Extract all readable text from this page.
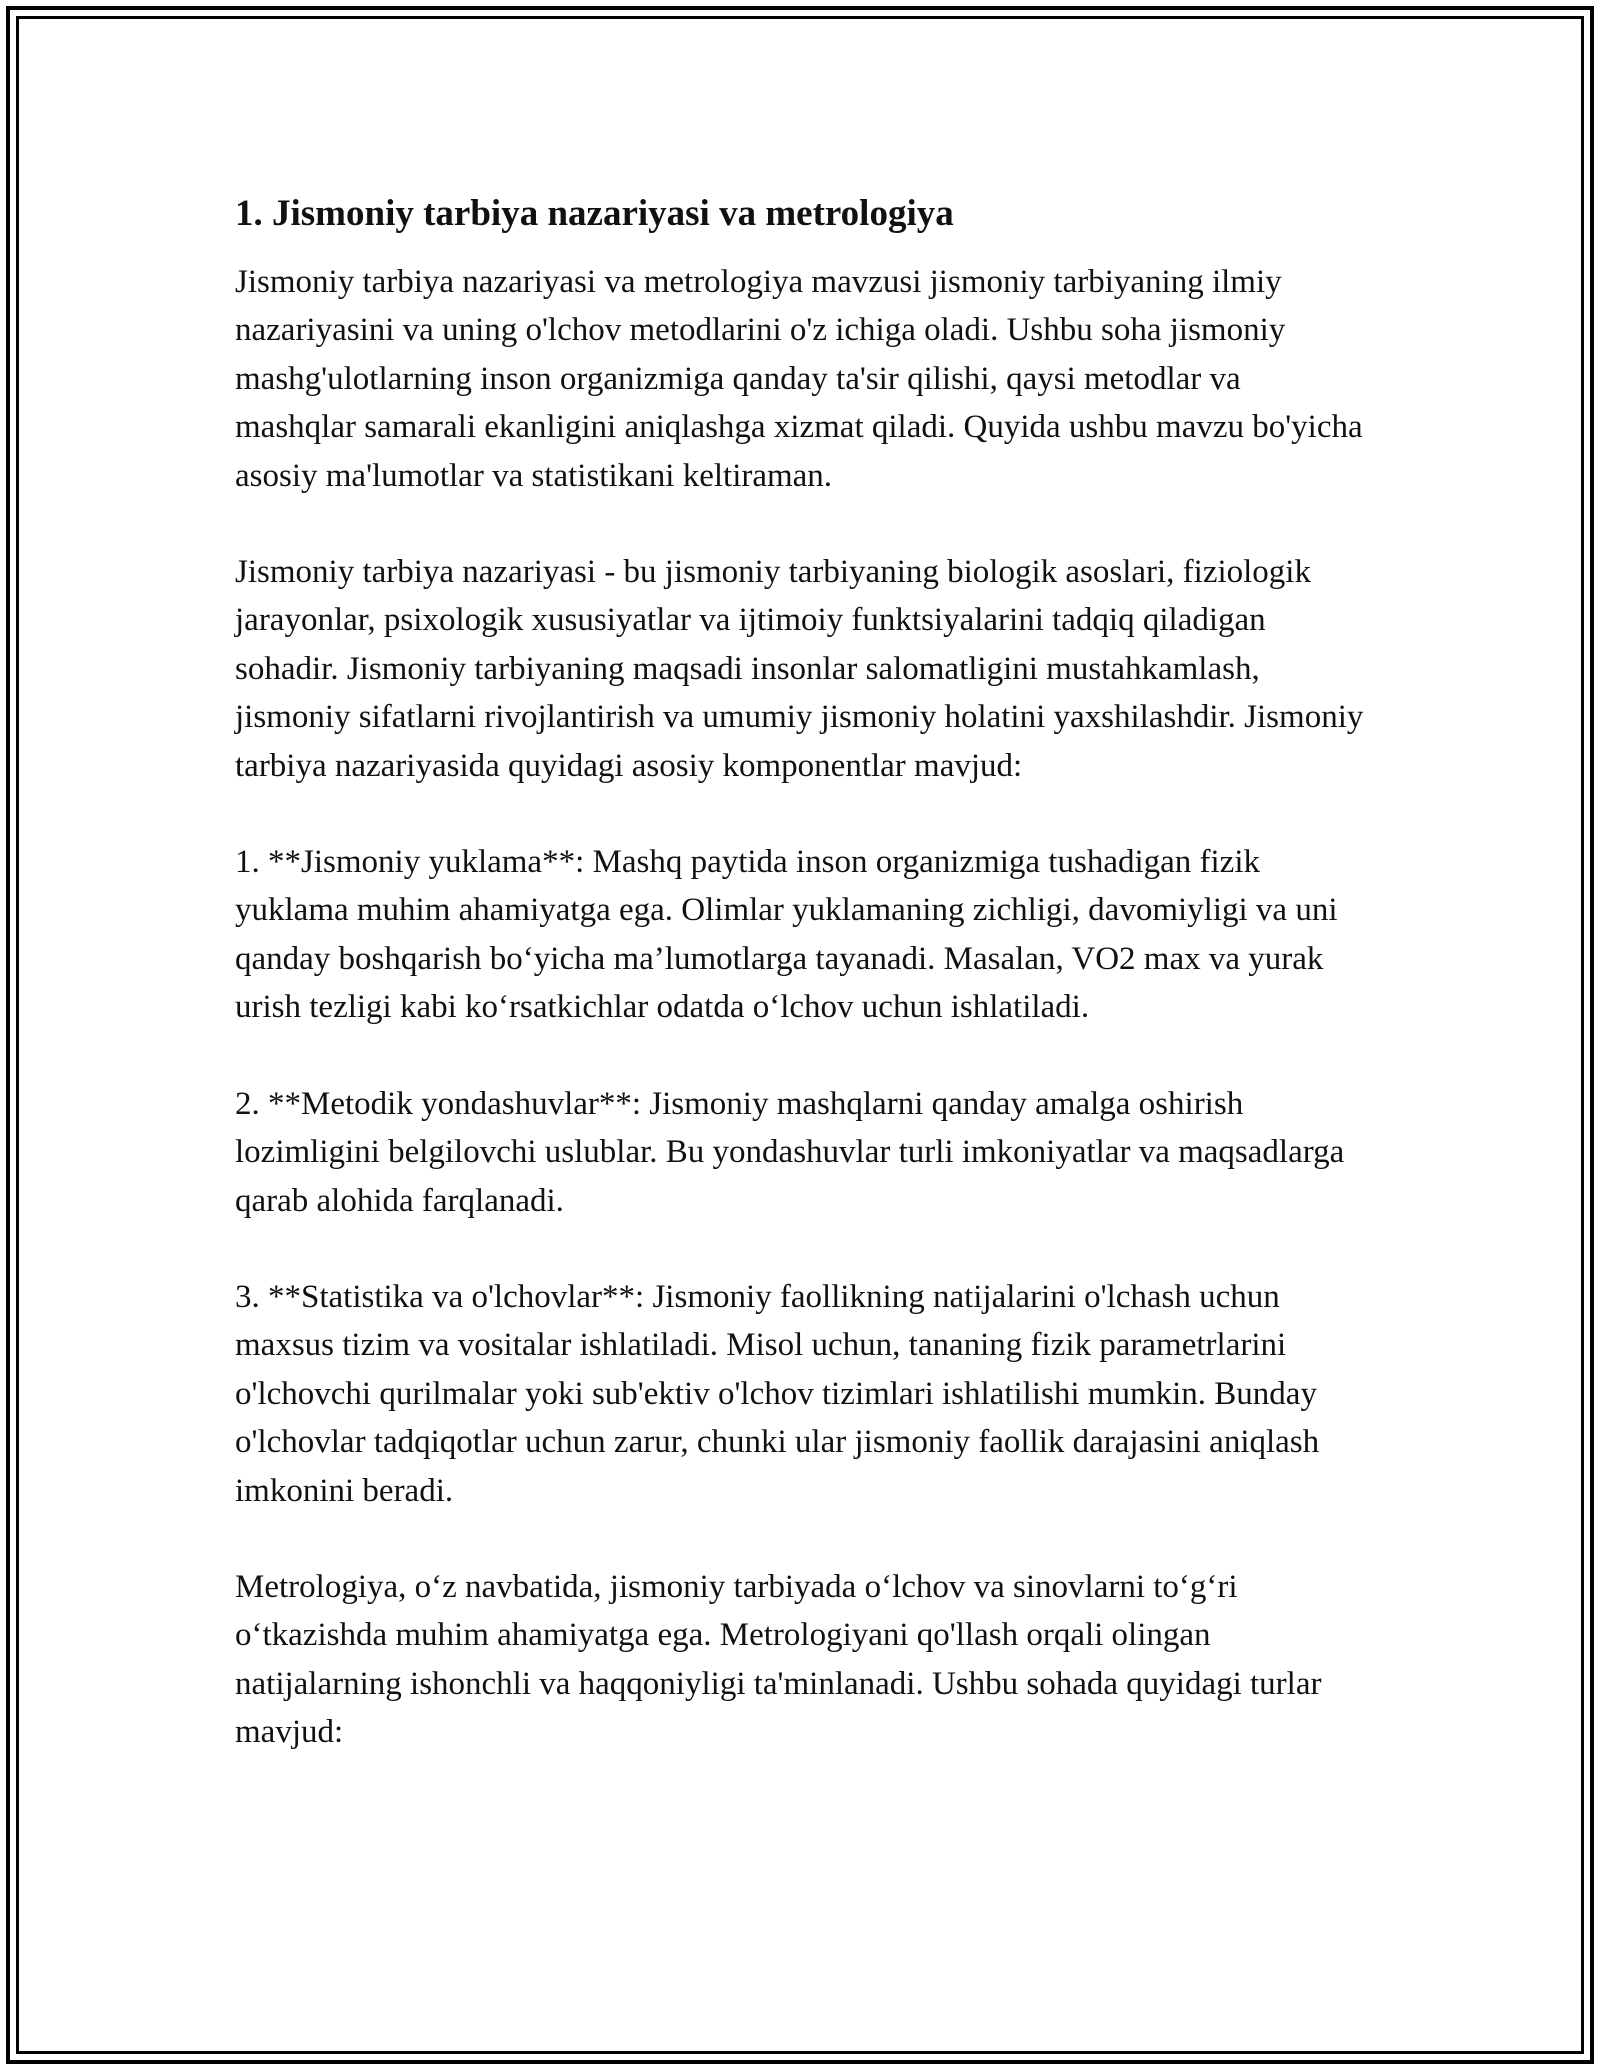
1. Jismoniy tarbiya nazariyasi va metrologiya

Jismoniy tarbiya nazariyasi va metrologiya mavzusi jismoniy tarbiyaning ilmiy nazariyasini va uning o'lchov metodlarini o'z ichiga oladi. Ushbu soha jismoniy mashg'ulotlarning inson organizmiga qanday ta'sir qilishi, qaysi metodlar va mashqlar samarali ekanligini aniqlashga xizmat qiladi. Quyida ushbu mavzu bo'yicha asosiy ma'lumotlar va statistikani keltiraman.

Jismoniy tarbiya nazariyasi - bu jismoniy tarbiyaning biologik asoslari, fiziologik jarayonlar, psixologik xususiyatlar va ijtimoiy funktsiyalarini tadqiq qiladigan sohadir. Jismoniy tarbiyaning maqsadi insonlar salomatligini mustahkamlash, jismoniy sifatlarni rivojlantirish va umumiy jismoniy holatini yaxshilashdir. Jismoniy tarbiya nazariyasida quyidagi asosiy komponentlar mavjud:

1. **Jismoniy yuklama**: Mashq paytida inson organizmiga tushadigan fizik yuklama muhim ahamiyatga ega. Olimlar yuklamaning zichligi, davomiyligi va uni qanday boshqarish bo‘yicha ma’lumotlarga tayanadi. Masalan, VO2 max va yurak urish tezligi kabi ko‘rsatkichlar odatda o‘lchov uchun ishlatiladi.

2. **Metodik yondashuvlar**: Jismoniy mashqlarni qanday amalga oshirish lozimligini belgilovchi uslublar. Bu yondashuvlar turli imkoniyatlar va maqsadlarga qarab alohida farqlanadi.

3. **Statistika va o'lchovlar**: Jismoniy faollikning natijalarini o'lchash uchun maxsus tizim va vositalar ishlatiladi. Misol uchun, tananing fizik parametrlarini o'lchovchi qurilmalar yoki sub'ektiv o'lchov tizimlari ishlatilishi mumkin. Bunday o'lchovlar tadqiqotlar uchun zarur, chunki ular jismoniy faollik darajasini aniqlash imkonini beradi.

Metrologiya, o‘z navbatida, jismoniy tarbiyada o‘lchov va sinovlarni to‘g‘ri o‘tkazishda muhim ahamiyatga ega. Metrologiyani qo'llash orqali olingan natijalarning ishonchli va haqqoniyligi ta'minlanadi. Ushbu sohada quyidagi turlar mavjud:
